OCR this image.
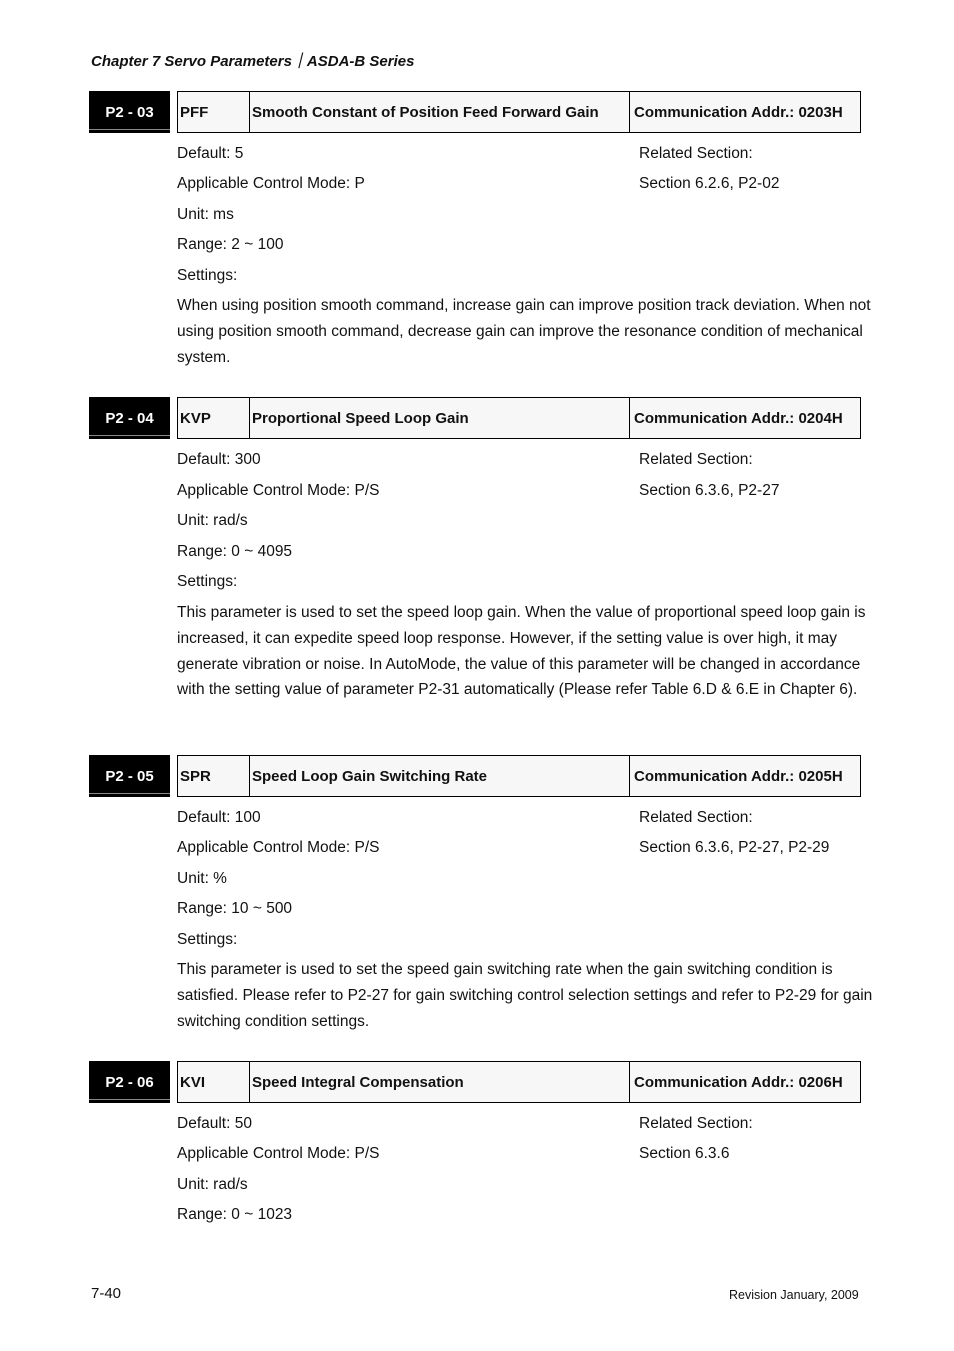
Chapter 7 Servo Parameters｜ASDA-B Series
P2 - 03	PFF	Smooth Constant of Position Feed Forward Gain	Communication Addr.: 0203H
Default: 5	Related Section:
Applicable Control Mode: P	Section 6.2.6, P2-02
Unit: ms
Range: 2 ~ 100
Settings:
When using position smooth command, increase gain can improve position track deviation. When not using position smooth command, decrease gain can improve the resonance condition of mechanical system.
P2 - 04	KVP	Proportional Speed Loop Gain	Communication Addr.: 0204H
Default: 300	Related Section:
Applicable Control Mode: P/S	Section 6.3.6, P2-27
Unit: rad/s
Range: 0 ~ 4095
Settings:
This parameter is used to set the speed loop gain. When the value of proportional speed loop gain is increased, it can expedite speed loop response. However, if the setting value is over high, it may generate vibration or noise. In AutoMode, the value of this parameter will be changed in accordance with the setting value of parameter P2-31 automatically (Please refer Table 6.D & 6.E in Chapter 6).
P2 - 05	SPR	Speed Loop Gain Switching Rate	Communication Addr.: 0205H
Default: 100	Related Section:
Applicable Control Mode: P/S	Section 6.3.6, P2-27, P2-29
Unit: %
Range: 10 ~ 500
Settings:
This parameter is used to set the speed gain switching rate when the gain switching condition is satisfied. Please refer to P2-27 for gain switching control selection settings and refer to P2-29 for gain switching condition settings.
P2 - 06	KVI	Speed Integral Compensation	Communication Addr.: 0206H
Default: 50	Related Section:
Applicable Control Mode: P/S	Section 6.3.6
Unit: rad/s
Range: 0 ~ 1023
7-40	Revision January, 2009
